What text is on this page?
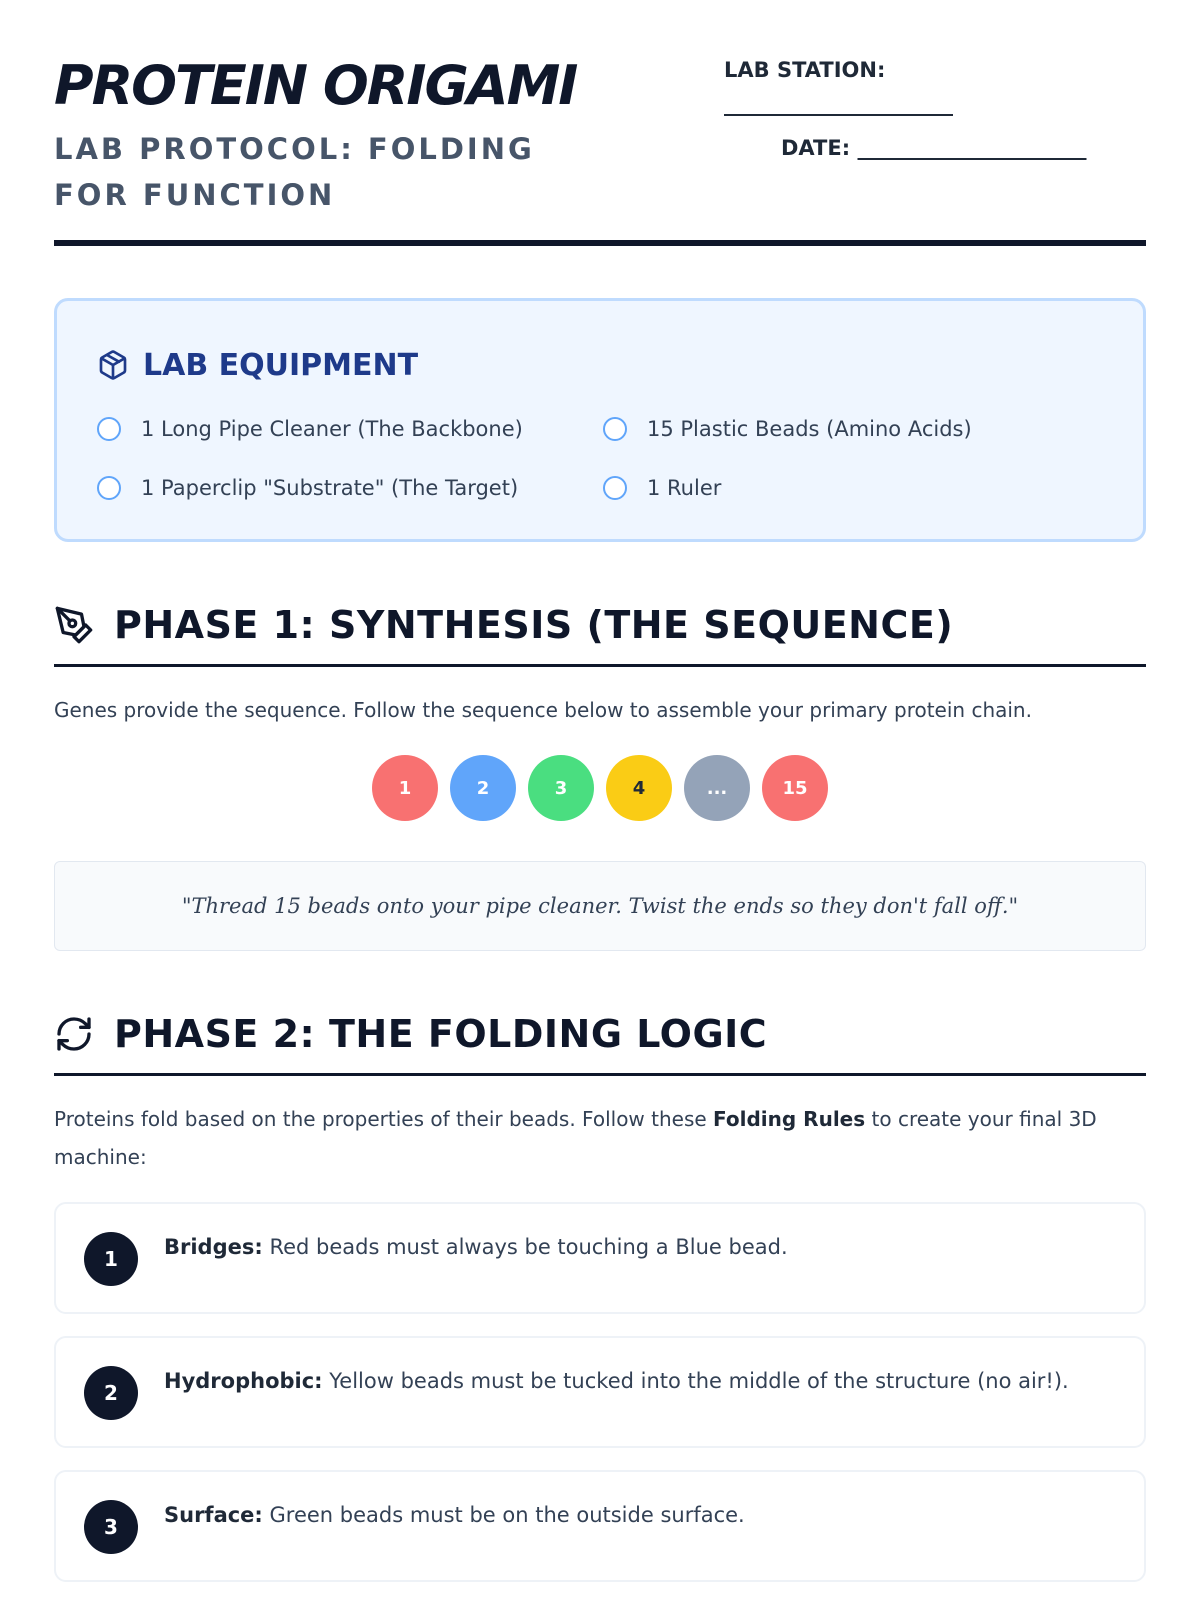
PROTEIN ORIGAMI
LAB PROTOCOL: FOLDING FOR FUNCTION
LAB STATION:
________________________
DATE: ________________________
LAB EQUIPMENT
1 Long Pipe Cleaner (The Backbone)	15 Plastic Beads (Amino Acids)
1 Paperclip "Substrate" (The Target)	1 Ruler
PHASE 1: SYNTHESIS (THE SEQUENCE)

Genes provide the sequence. Follow the sequence below to assemble your primary protein chain.

1	2	3	4	...	15
"Thread 15 beads onto your pipe cleaner. Twist the ends so they don't fall off."
PHASE 2: THE FOLDING LOGIC

Proteins fold based on the properties of their beads. Follow these Folding Rules to create your final 3D machine:

1	Bridges: Red beads must always be touching a Blue bead.
2	Hydrophobic: Yellow beads must be tucked into the middle of the structure (no air!).
3	Surface: Green beads must be on the outside surface.
